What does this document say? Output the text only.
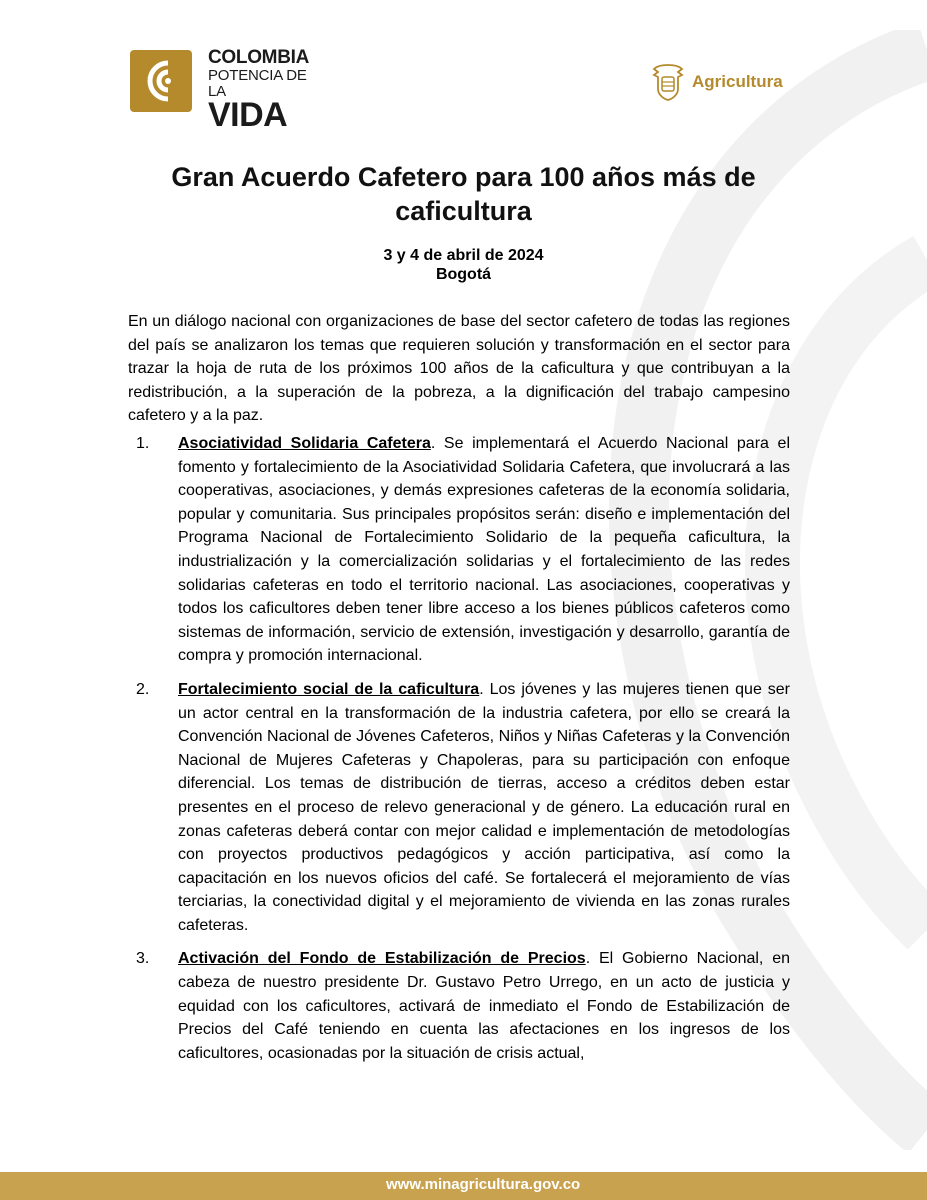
COLOMBIA
POTENCIA DE LA
VIDA
Agricultura
Gran Acuerdo Cafetero para 100 años más de caficultura
3 y 4 de abril de 2024
Bogotá
En un diálogo nacional con organizaciones de base del sector cafetero de todas las regiones del país se analizaron los temas que requieren solución y transformación en el sector para trazar la hoja de ruta de los próximos 100 años de la caficultura y que contribuyan a la redistribución, a la superación de la pobreza, a la dignificación del trabajo campesino cafetero y a la paz.
1. Asociatividad Solidaria Cafetera. Se implementará el Acuerdo Nacional para el fomento y fortalecimiento de la Asociatividad Solidaria Cafetera, que involucrará a las cooperativas, asociaciones, y demás expresiones cafeteras de la economía solidaria, popular y comunitaria. Sus principales propósitos serán: diseño e implementación del Programa Nacional de Fortalecimiento Solidario de la pequeña caficultura, la industrialización y la comercialización solidarias y el fortalecimiento de las redes solidarias cafeteras en todo el territorio nacional. Las asociaciones, cooperativas y todos los caficultores deben tener libre acceso a los bienes públicos cafeteros como sistemas de información, servicio de extensión, investigación y desarrollo, garantía de compra y promoción internacional.
2. Fortalecimiento social de la caficultura. Los jóvenes y las mujeres tienen que ser un actor central en la transformación de la industria cafetera, por ello se creará la Convención Nacional de Jóvenes Cafeteros, Niños y Niñas Cafeteras y la Convención Nacional de Mujeres Cafeteras y Chapoleras, para su participación con enfoque diferencial. Los temas de distribución de tierras, acceso a créditos deben estar presentes en el proceso de relevo generacional y de género. La educación rural en zonas cafeteras deberá contar con mejor calidad e implementación de metodologías con proyectos productivos pedagógicos y acción participativa, así como la capacitación en los nuevos oficios del café. Se fortalecerá el mejoramiento de vías terciarias, la conectividad digital y el mejoramiento de vivienda en las zonas rurales cafeteras.
3. Activación del Fondo de Estabilización de Precios. El Gobierno Nacional, en cabeza de nuestro presidente Dr. Gustavo Petro Urrego, en un acto de justicia y equidad con los caficultores, activará de inmediato el Fondo de Estabilización de Precios del Café teniendo en cuenta las afectaciones en los ingresos de los caficultores, ocasionadas por la situación de crisis actual,
www.minagricultura.gov.co
